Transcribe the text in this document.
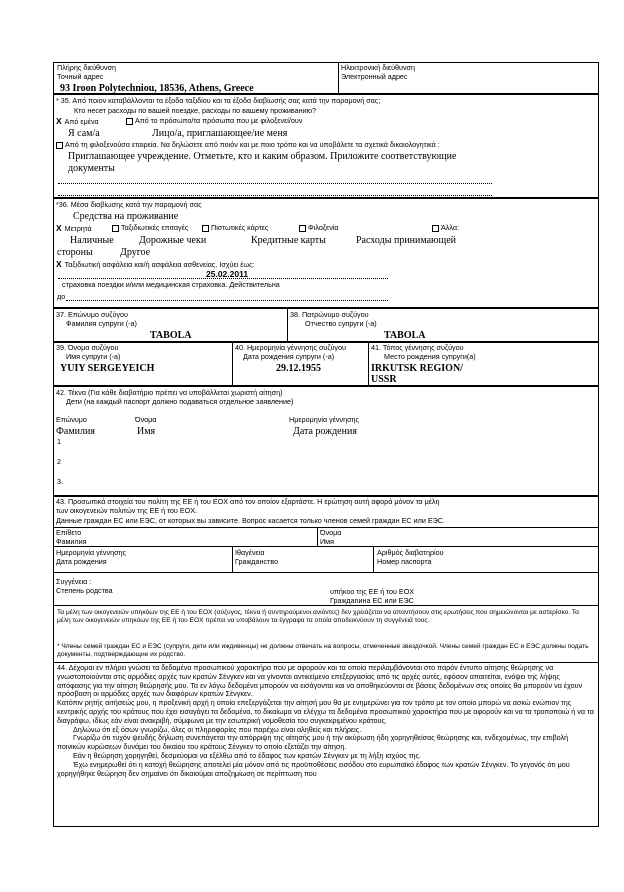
Πλήρης διεύθυνση
Точный адрес
93 Iroon Polytechniou, 18536, Athens, Greece
Ηλεκτρονική διεύθυνση
Электронный адрес
* 35. Από ποιον καταβάλλονται τα έξοδα ταξιδίου και τα έξοδα διαβίωσής σας κατά την παραμονή σας;
Кто несет расходы по вашей поездке, расходы по вашему проживанию?
X Από εμένα	Από το πρόσωπο/τα πρόσωπα που με φιλοξενεί/ουν
Я сам/а	Лицо/а, приглашающее/ие меня
Από τη φιλοξενούσα εταιρεία. Να δηλώσετε από ποιόν και με ποιο τρόπο και να υποβάλετε τα σχετικά δικαιολογητικά :
Приглашающее учреждение. Отметьте, кто и каким образом. Приложите соответствующие документы
*36. Μέσα διαβίωσης κατά την παραμονή σας
Средства на проживание
X Μετρητά	Ταξιδιωτικές επιταγές	Πιστωτικές κάρτες	Φιλοξενία	Άλλα:
Наличные	Дорожные чеки	Кредитные карты	Расходы принимающей
стороны	Другое
X Ταξιδιωτική ασφάλεια και/ή ασφάλεια ασθενείας. Ισχύει έως:
25.02.2011
страховка поездки и/или медицинская страховка. Действительна
до
37. Επώνυμο συζύγου
Фамилия супруги (-а)
TABOLA
38. Πατρώνυμο συζύγου
Отчество супруги (-а)
TABOLA
39. Όνομα συζύγου
Имя супруги (-а)
YUIY SERGEYEICH
40. Ημερομηνία γέννησης συζύγου
Дата рождения супруги (-а)
29.12.1955
41. Τόπος γέννησης συζύγου
Место рождения супруги(а)
IRKUTSK REGION/
USSR
42. Τέκνα (Για κάθε διαβατήριο πρέπει να υποβάλλεται χωριστή αίτηση)
Дети (на каждый паспорт должно подаваться отдельное заявление)
Επώνυμο	Όνομα	Ημερομηνία γέννησης
Фамилия	Имя	Дата рождения
1
2
3.
43. Προσωπικά στοιχεία του πολίτη της ΕΕ ή του ΕΟΧ από τον οποίον εξαρτάστε. Η ερώτηση αυτή αφορά μόνον τα μέλη
των οικογενειών πολιτών της ΕΕ ή του ΕΟΧ.
Данные граждан ЕС или ЕЭС, от которых вы зависите. Вопрос касается только членов семей граждан ЕС или ЕЭС.
Επίθετο
Фамилия
Όνομα
Имя
Ημερομηνία γέννησης
Дата рождения
Ιθαγένεια
Гражданство
Αριθμός διαβατηρίου
Номер паспорта
Συγγένεια :
Степень родства	υπήκοο της ΕΕ ή του ΕΟΧ
Граждаnина ЕС или ЕЭС
Τα μέλη των οικογενειών υπηκόων της ΕΕ ή του ΕΟΧ (σύζυγος, τέκνα ή συντηρούμενοι ανιόντες) δεν χρειάζεται να απαντήσουν στις ερωτήσεις που σημειώνονται με αστερίσκο. Τα μέλη των οικογενειών υπηκόων της ΕΕ ή του ΕΟΧ πρέπει να υποβάλουν τα έγγραφα τα οποία αποδεικνύουν τη συγγένειά τους.
* Члены семей граждан ЕС и ЕЭС (супруги, дети или иждивенцы) не должны отвечать на вопросы, отмеченные звездочкой. Члены семей граждан ЕС и ЕЭС должны подать документы, подтверждающие их родство.
44. Δέχομαι εν πλήρει γνώσει τα δεδομένα προσωπικού χαρακτήρα που με αφορούν και τα οποία περιλαμβάνονται στο παρόν έντυπο αίτησης θεώρησης να γνωστοποιούνται στις αρμόδιες αρχές των κρατών Σένγκεν και να γίνονται αντικείμενο επεξεργασίας από τις αρχές αυτές, εφόσον απαιτείται, ενόψει της λήψης απόφασης για την αίτηση θεώρησής μου. Τα εν λόγω δεδομένα μπορούν να εισάγονται και να αποθηκεύονται σε βάσεις δεδομένων στις οποίες θα μπορούν να έχουν πρόσβαση οι αρμόδιες αρχές των διαφόρων κρατών Σένγκεν.
Κατόπιν ρητής αιτήσεώς μου, η προξενική αρχή η οποία επεξεργάζεται την αίτησή μου θα με ενημερώνει για τον τρόπο με τον οποίο μπορώ να ασκώ ενώπιον της κεντρικής αρχής του κράτους που έχει εισαγάγει τα δεδομένα, το δικαίωμα να ελέγχω τα δεδομένα προσωπικού χαρακτήρα που με αφορούν και να τα τροποποιώ ή να τα διαγράφω, ιδίως εάν είναι ανακριβή, σύμφωνα με την εσωτερική νομοθεσία του συγκεκριμένου κράτους.
Δηλώνω ότι εξ όσων γνωρίζω, όλες οι πληροφορίες που παρέχω είναι αληθείς και πλήρεις.
Γνωρίζω ότι τυχόν ψευδής δήλωση συνεπάγεται την απόρριψη της αίτησής μου ή την ακύρωση ήδη χορηγηθείσας θεώρησης και, ενδεχομένως, την επιβολή ποινικών κυρώσεων δυνάμει του δικαίου του κράτους Σένγκεν το οποίο εξετάζει την αίτηση.
Εάν η θεώρηση χορηγηθεί, δεσμεύομαι να εξέλθω από το έδαφος των κρατών Σένγκεν με τη λήξη ισχύος της.
Έχω ενημερωθεί ότι η κατοχή θεώρησης αποτελεί μία μόνον από τις προϋποθέσεις εισόδου στο ευρωπαϊκό έδαφος των κρατών Σένγκεν. Το γεγονός ότι μου χορηγήθηκε θεώρηση δεν σημαίνει ότι δικαιούμαι αποζημίωση σε περίπτωση που
